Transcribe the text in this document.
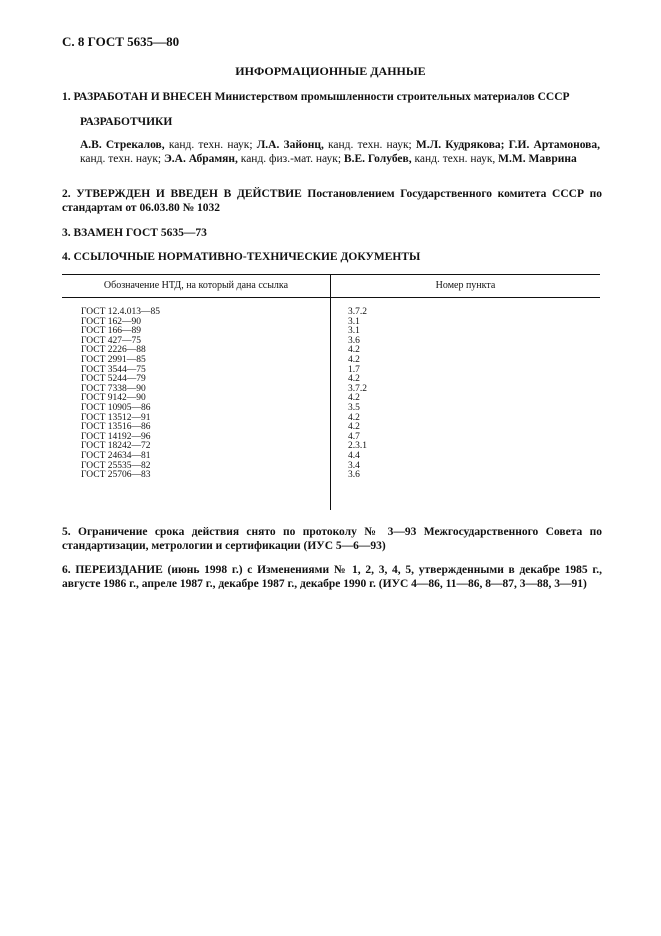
С. 8 ГОСТ 5635—80
ИНФОРМАЦИОННЫЕ ДАННЫЕ
1. РАЗРАБОТАН И ВНЕСЕН Министерством промышленности строительных материалов СССР
РАЗРАБОТЧИКИ
А.В. Стрекалов, канд. техн. наук; Л.А. Зайонц, канд. техн. наук; М.Л. Кудрякова; Г.И. Артамонова, канд. техн. наук; Э.А. Абрамян, канд. физ.-мат. наук; В.Е. Голубев, канд. техн. наук, М.М. Маврина
2. УТВЕРЖДЕН И ВВЕДЕН В ДЕЙСТВИЕ Постановлением Государственного комитета СССР по стандартам от 06.03.80 № 1032
3. ВЗАМЕН ГОСТ 5635—73
4. ССЫЛОЧНЫЕ НОРМАТИВНО-ТЕХНИЧЕСКИЕ ДОКУМЕНТЫ
Обозначение НТД, на который дана ссылка	Номер пункта
ГОСТ 12.4.013—85	3.7.2
ГОСТ 162—90	3.1
ГОСТ 166—89	3.1
ГОСТ 427—75	3.6
ГОСТ 2226—88	4.2
ГОСТ 2991—85	4.2
ГОСТ 3544—75	1.7
ГОСТ 5244—79	4.2
ГОСТ 7338—90	3.7.2
ГОСТ 9142—90	4.2
ГОСТ 10905—86	3.5
ГОСТ 13512—91	4.2
ГОСТ 13516—86	4.2
ГОСТ 14192—96	4.7
ГОСТ 18242—72	2.3.1
ГОСТ 24634—81	4.4
ГОСТ 25535—82	3.4
ГОСТ 25706—83	3.6
5. Ограничение срока действия снято по протоколу № 3—93 Межгосударственного Совета по стандартизации, метрологии и сертификации (ИУС 5—6—93)
6. ПЕРЕИЗДАНИЕ (июнь 1998 г.) с Изменениями № 1, 2, 3, 4, 5, утвержденными в декабре 1985 г., августе 1986 г., апреле 1987 г., декабре 1987 г., декабре 1990 г. (ИУС 4—86, 11—86, 8—87, 3—88, 3—91)
